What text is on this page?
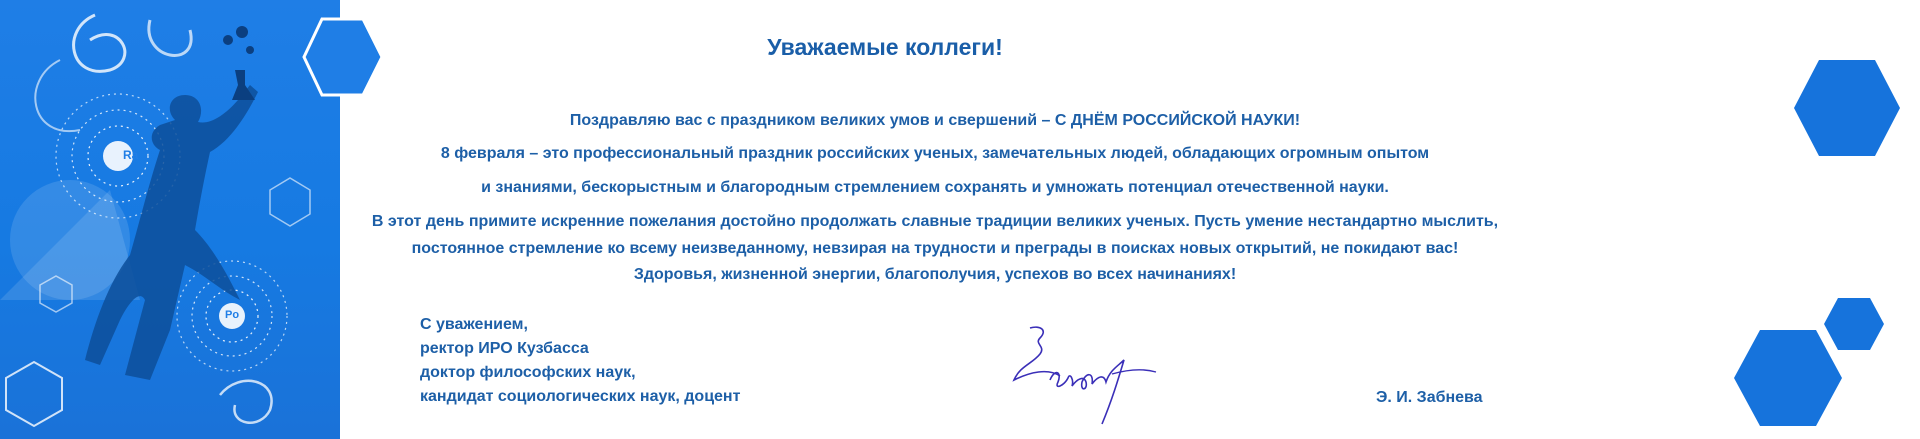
Ra
Po
Уважаемые коллеги!
Поздравляю вас с праздником великих умов и свершений – С ДНЁМ РОССИЙСКОЙ НАУКИ!
8 февраля – это профессиональный праздник российских ученых, замечательных людей, обладающих огромным опытом
и знаниями, бескорыстным и благородным стремлением сохранять и умножать потенциал отечественной науки.
В этот день примите искренние пожелания достойно продолжать славные традиции великих ученых. Пусть умение нестандартно мыслить,
постоянное стремление ко всему неизведанному, невзирая на трудности и преграды в поисках новых открытий, не покидают вас!
Здоровья, жизненной энергии, благополучия, успехов во всех начинаниях!
С уважением,
ректор ИРО Кузбасса
доктор философских наук,
кандидат социологических наук, доцент	Э. И. Забнева
